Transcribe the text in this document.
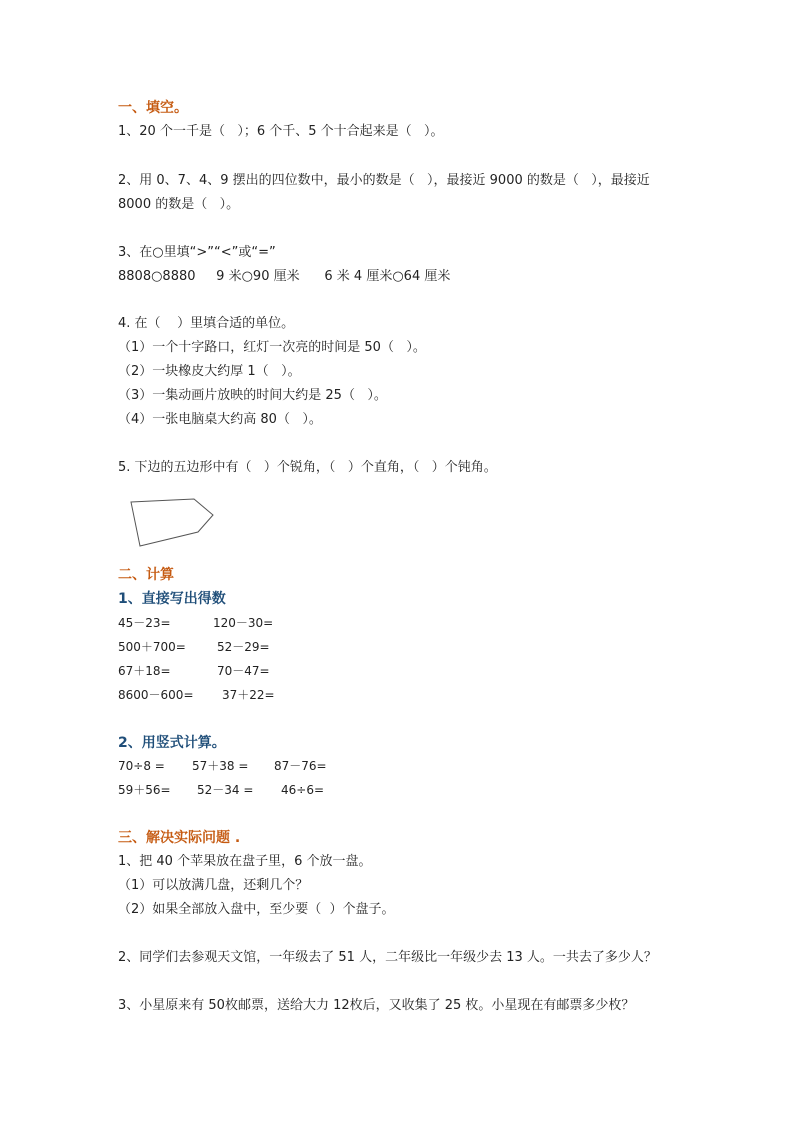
一、填空。
1、20 个一千是（   ）；6 个千、5 个十合起来是（   ）。
2、用 0、7、4、9 摆出的四位数中，最小的数是（   ），最接近 9000 的数是（   ），最接近
8000 的数是（   ）。
3、在○里填“>”“<”或“=”
8808○8880     9 米○90 厘米      6 米 4 厘米○64 厘米
4. 在（    ）里填合适的单位。
（1）一个十字路口，红灯一次亮的时间是 50（   ）。
（2）一块橡皮大约厚 1（   ）。
（3）一集动画片放映的时间大约是 25（   ）。
（4）一张电脑桌大约高 80（   ）。
5. 下边的五边形中有（   ）个锐角，（   ）个直角，（   ）个钝角。
二、计算
1、直接写出得数
45－23=	120－30=
500＋700=	52－29=
67＋18=	70－47=
8600－600= 37＋22=
2、用竖式计算。
70÷8 = 57＋38 = 87－76=
59＋56= 52－34 = 46÷6=
三、解决实际问题 .
1、把 40 个苹果放在盘子里，6 个放一盘。
（1）可以放满几盘，还剩几个？
（2）如果全部放入盘中，至少要（  ）个盘子。
2、同学们去参观天文馆，一年级去了 51 人，二年级比一年级少去 13 人。一共去了多少人？
3、小星原来有 50枚邮票，送给大力 12枚后，又收集了 25 枚。小星现在有邮票多少枚？
